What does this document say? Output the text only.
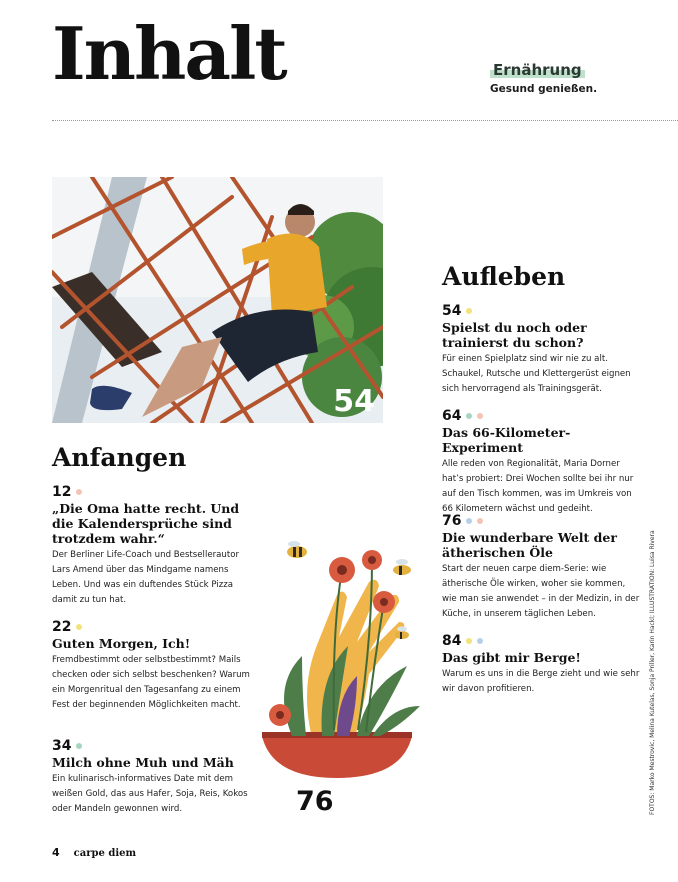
Inhalt	Ernährung
Gesund genießen.
54
Anfangen
12
„Die Oma hatte recht. Und die Kalendersprüche sind trotzdem wahr.“
Der Berliner Life-Coach und Bestsellerautor Lars Amend über das Mindgame namens Leben. Und was ein duftendes Stück Pizza damit zu tun hat.
22
Guten Morgen, Ich!
Fremdbestimmt oder selbstbestimmt? Mails checken oder sich selbst beschenken? Warum ein Morgenritual den Tagesanfang zu einem Fest der beginnenden Möglichkeiten macht.
34
Milch ohne Muh und Mäh
Ein kulinarisch-informatives Date mit dem weißen Gold, das aus Hafer, Soja, Reis, Kokos oder Mandeln gewonnen wird.	76
Aufleben
54
Spielst du noch oder trainierst du schon?
Für einen Spielplatz sind wir nie zu alt. Schaukel, Rutsche und Klettergerüst eignen sich hervorragend als Trainingsgerät.
64
Das 66-Kilometer-Experiment
Alle reden von Regionalität, Maria Dorner hat’s probiert: Drei Wochen sollte bei ihr nur auf den Tisch kommen, was im Umkreis von 66 Kilometern wächst und gedeiht.
76
Die wunderbare Welt der ätherischen Öle
Start der neuen carpe diem-Serie: wie ätherische Öle wirken, woher sie kommen, wie man sie anwendet – in der Medizin, in der Küche, in unserem täglichen Leben.
84
Das gibt mir Berge!
Warum es uns in die Berge zieht und wie sehr wir davon profitieren.
4 carpe diem
FOTOS: Marko Mestrovic, Melina Kutelas, Sonja Priller, Karin Hackl; ILLUSTRATION: Luisa Rivera
